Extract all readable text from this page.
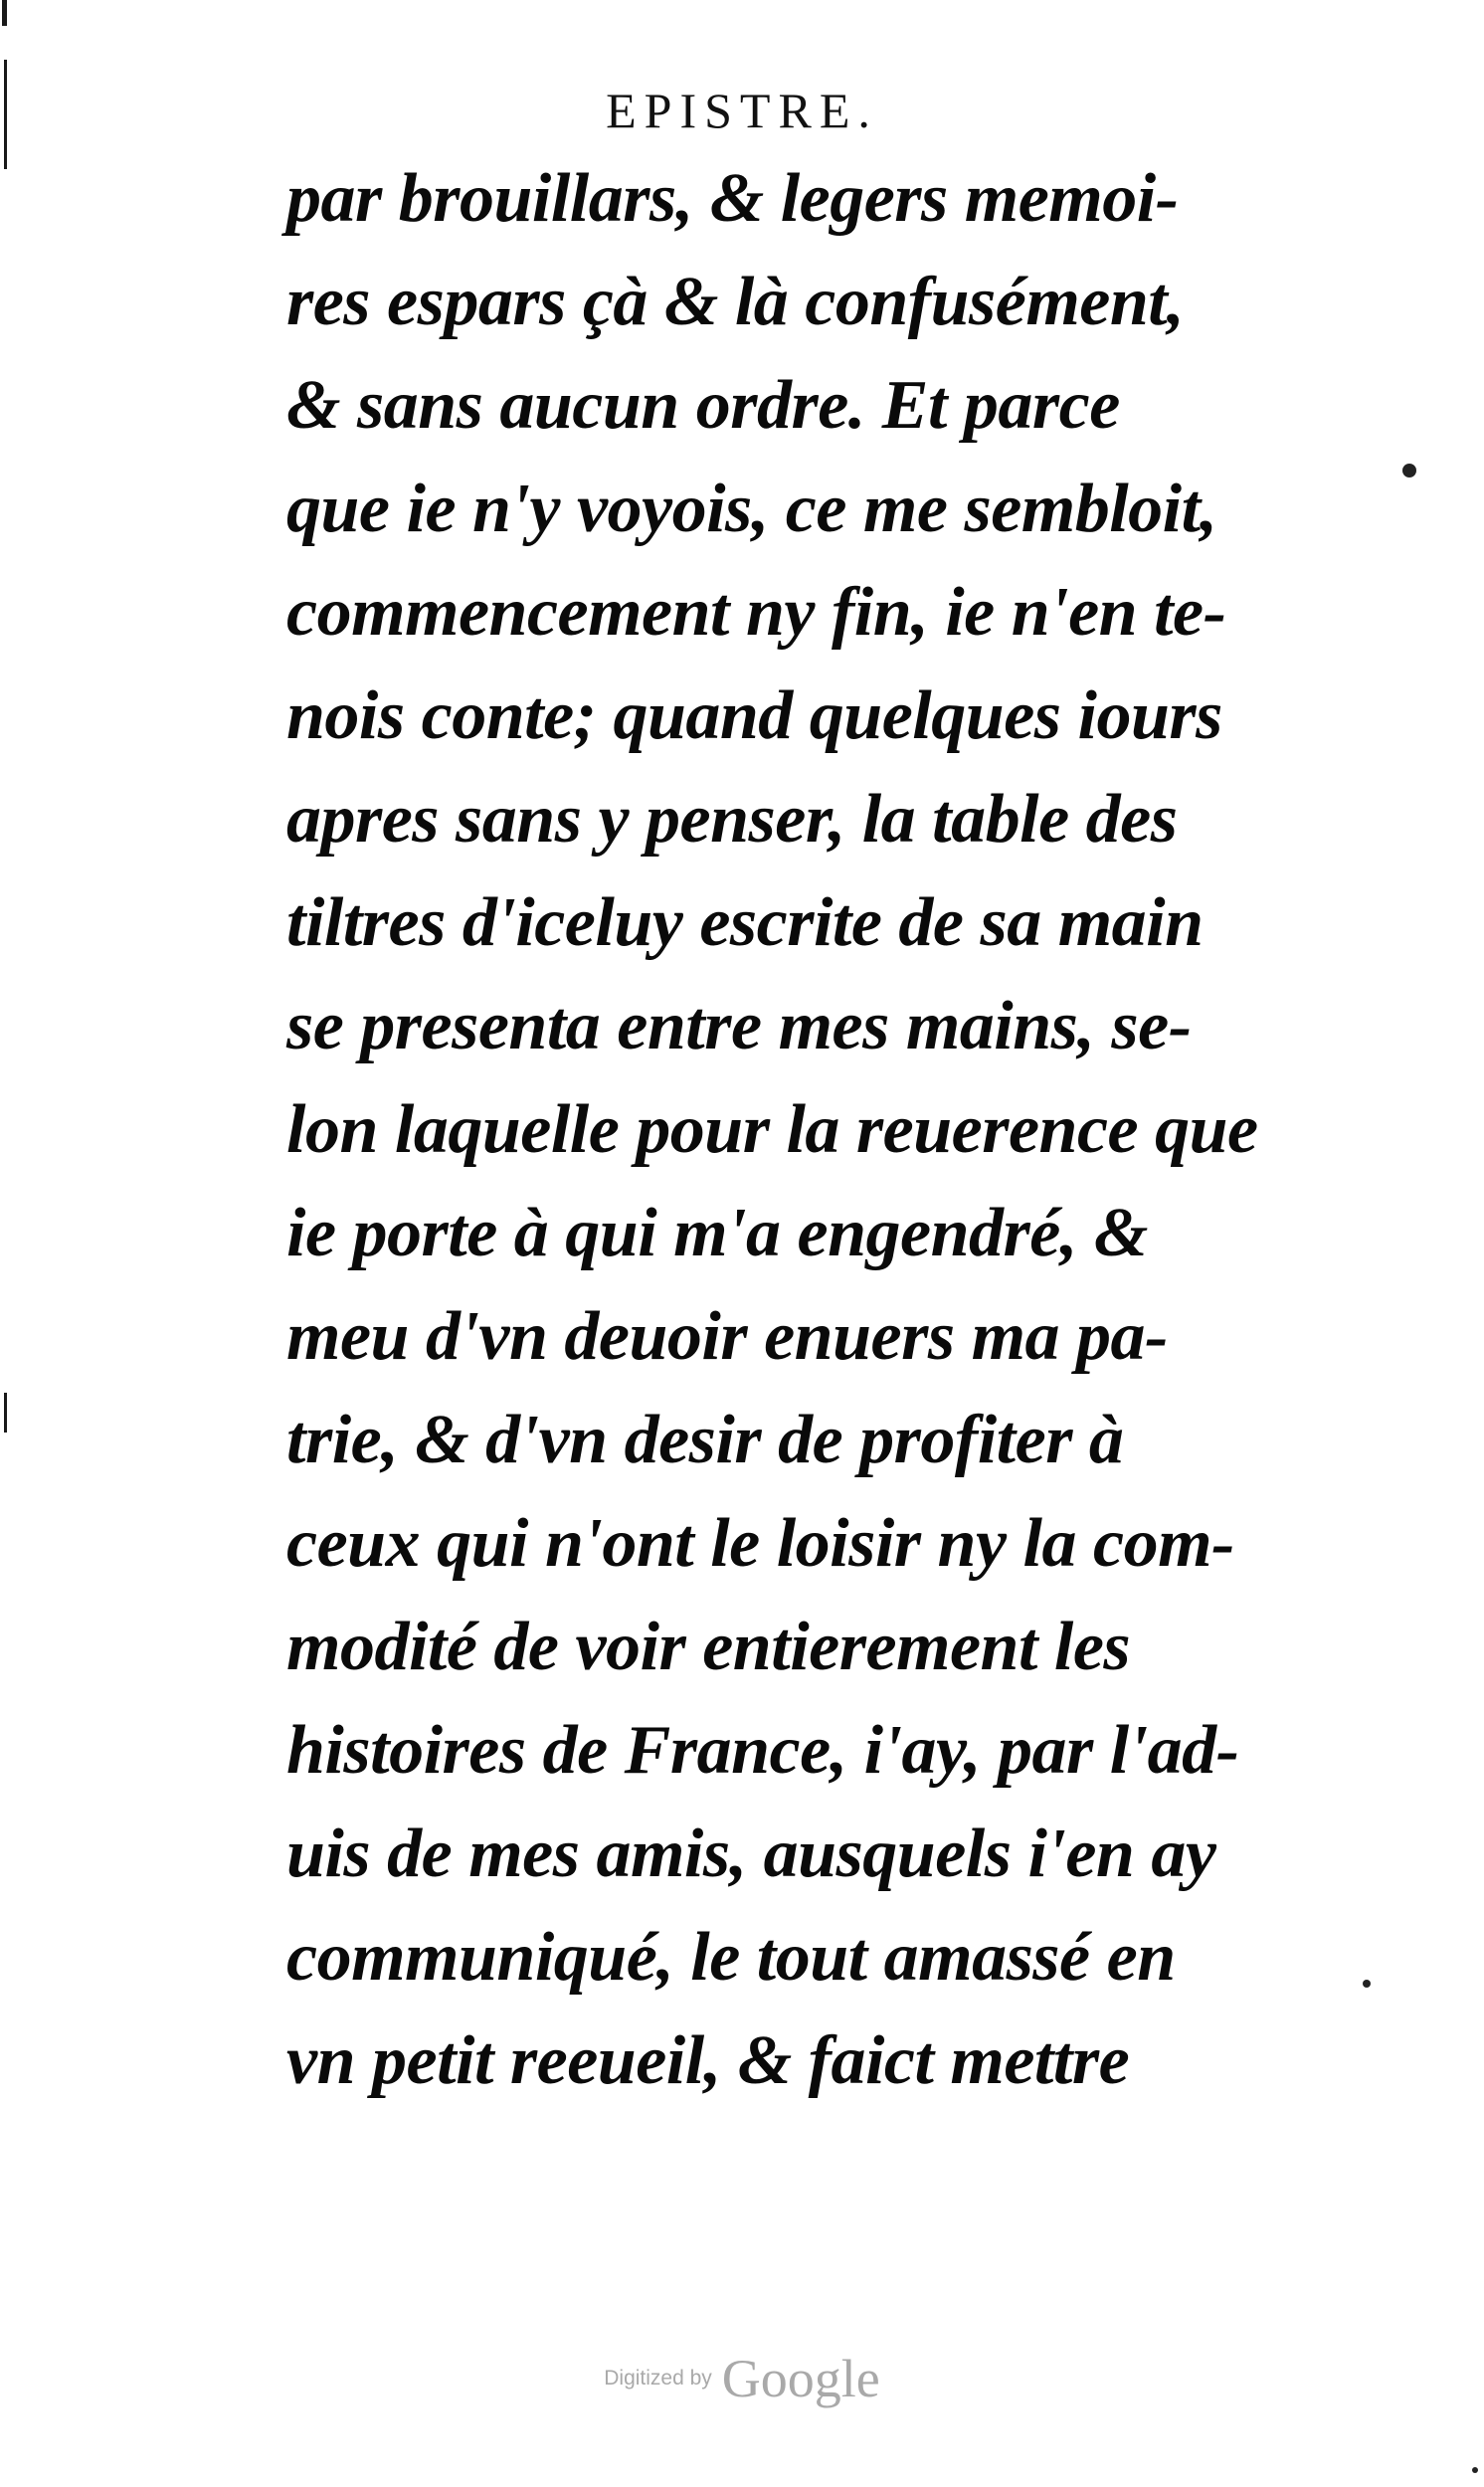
EPISTRE.
par brouillars, & legers memoi-
res espars çà & là confusément,
& sans aucun ordre. Et parce
que ie n'y voyois, ce me sembloit,
commencement ny fin, ie n'en te-
nois conte; quand quelques iours
apres sans y penser, la table des
tiltres d'iceluy escrite de sa main
se presenta entre mes mains, se-
lon laquelle pour la reuerence que
ie porte à qui m'a engendré, &
meu d'vn deuoir enuers ma pa-
trie, & d'vn desir de profiter à
ceux qui n'ont le loisir ny la com-
modité de voir entierement les
histoires de France, i'ay, par l'ad-
uis de mes amis, ausquels i'en ay
communiqué, le tout amassé en
vn petit reeueil, & faict mettre
Digitized by Google
